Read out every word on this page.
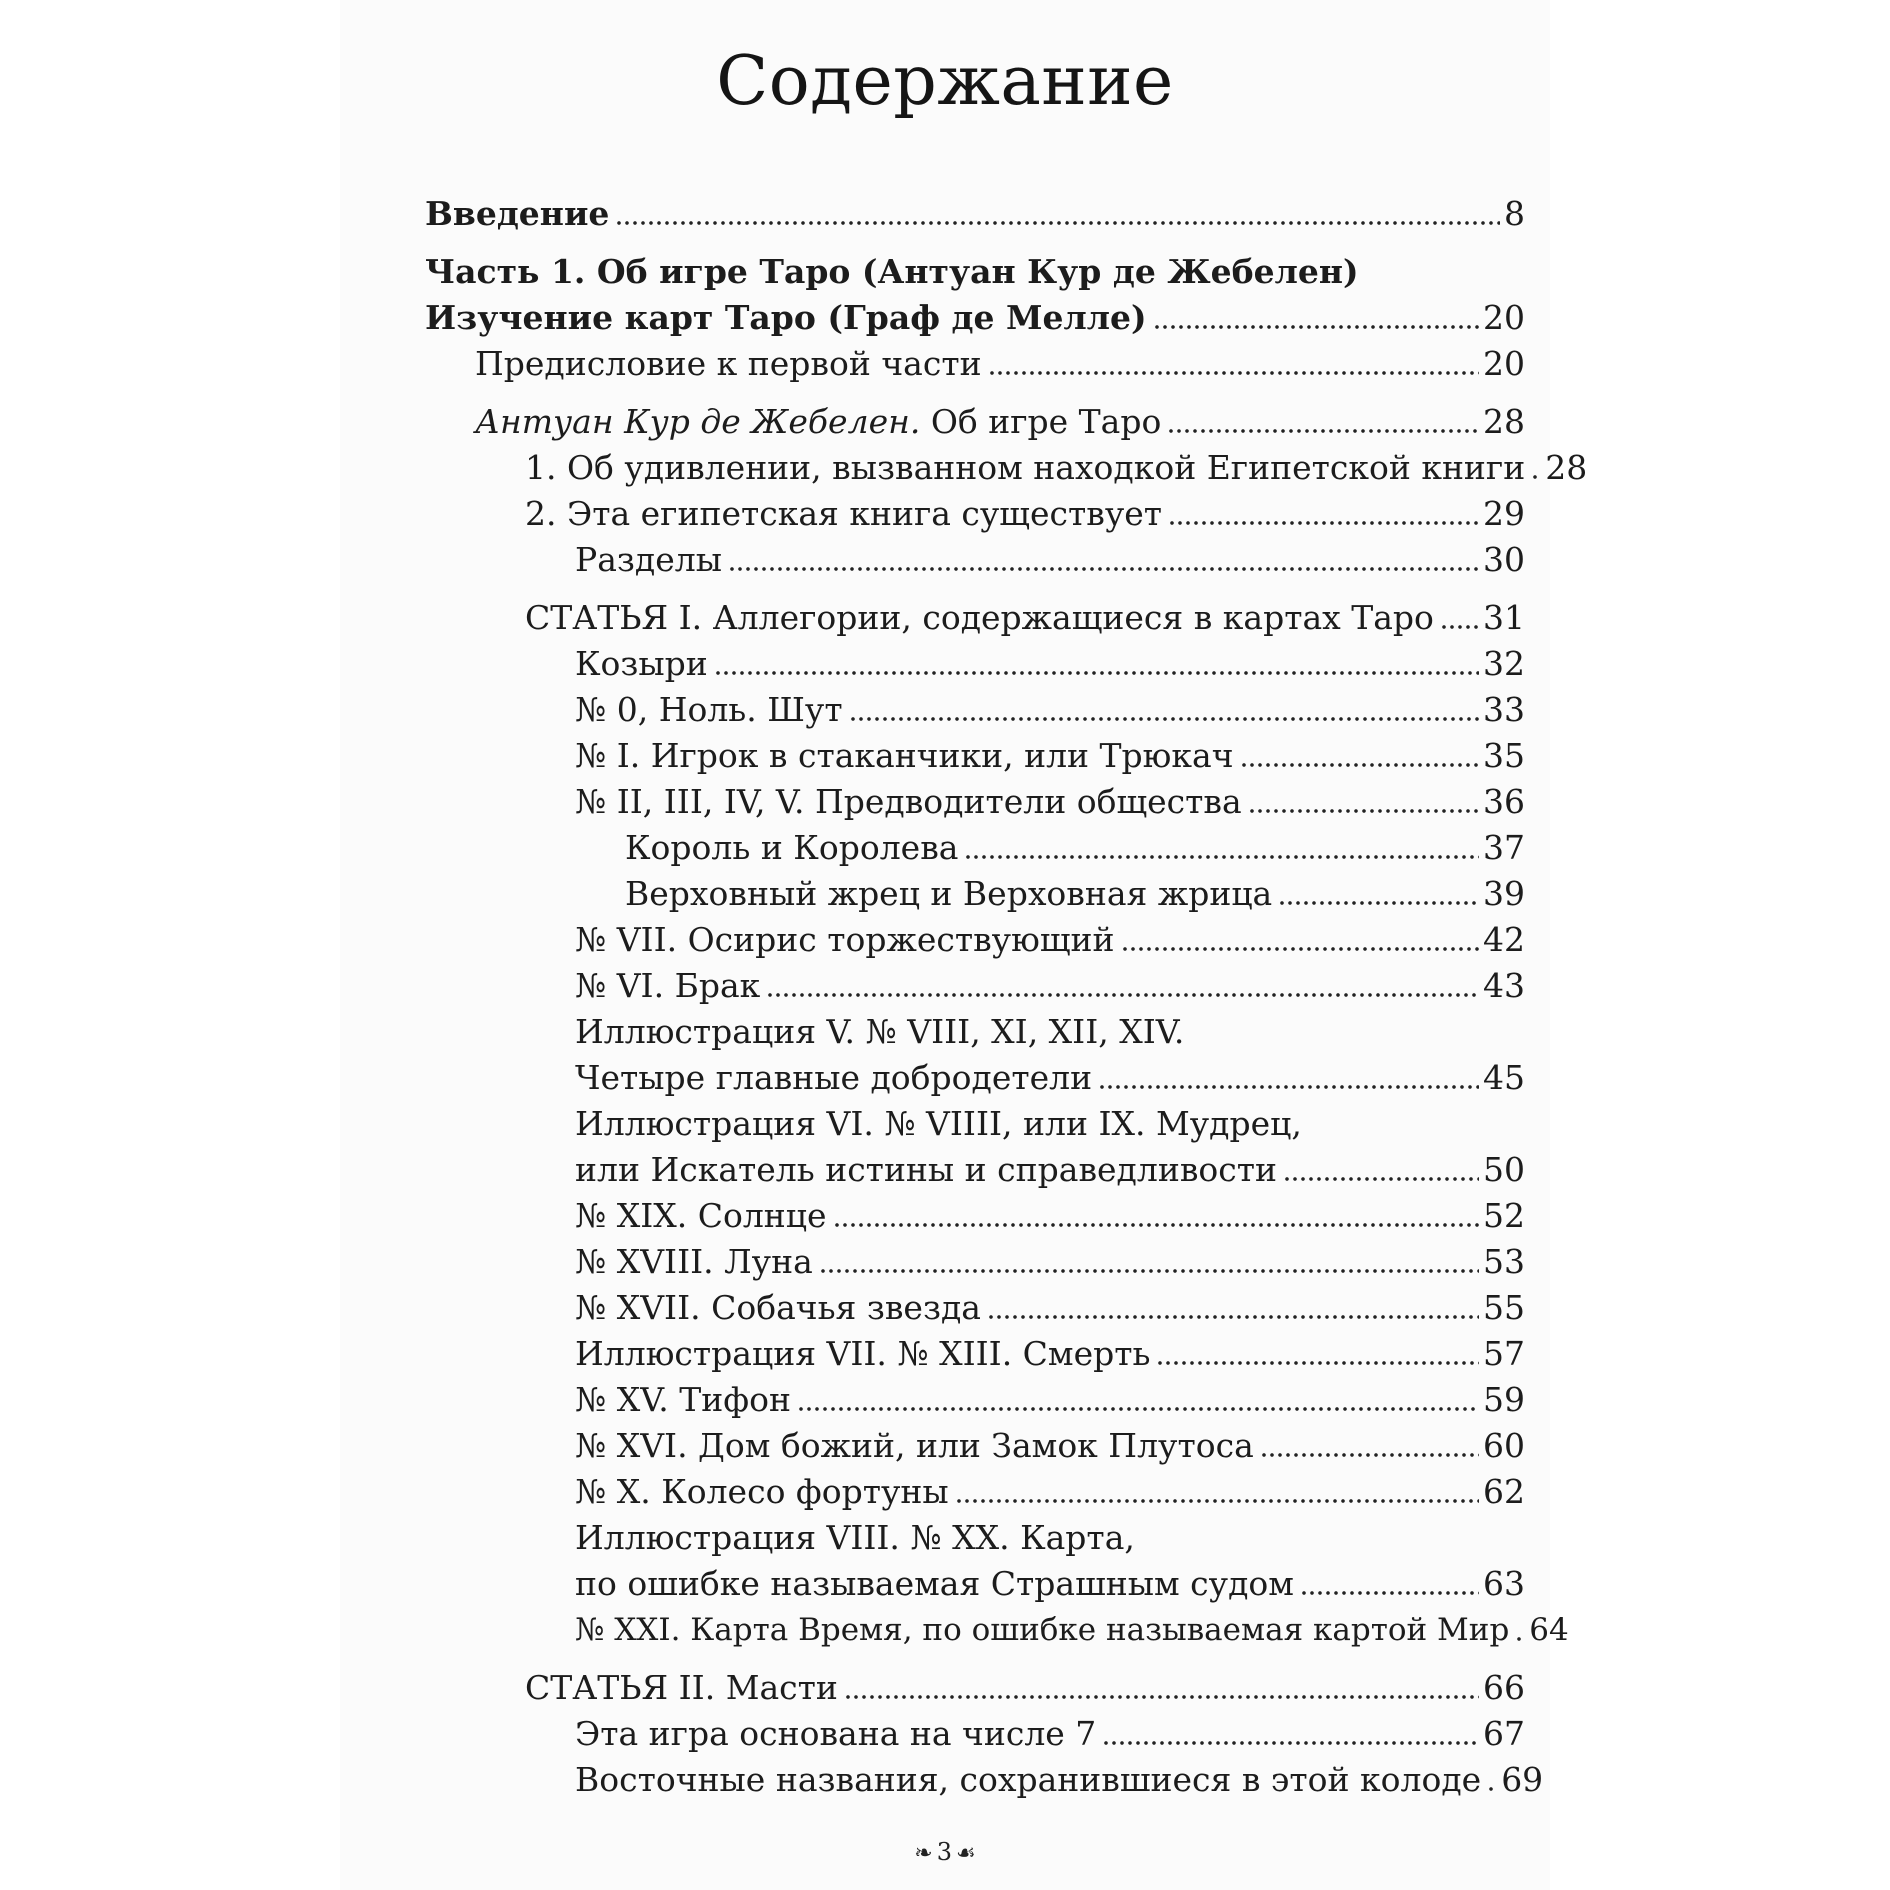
Содержание
Введение	8
Часть 1. Об игре Таро (Антуан Кур де Жебелен)
Изучение карт Таро (Граф де Мелле)	20
Предисловие к первой части	20
Антуан Кур де Жебелен. Об игре Таро	28
1. Об удивлении, вызванном находкой Египетской книги 28
2. Эта египетская книга существует	29
Разделы	30
СТАТЬЯ I. Аллегории, содержащиеся в картах Таро 31
Козыри	32
№ 0, Ноль. Шут	33
№ I. Игрок в стаканчики, или Трюкач	35
№ II, III, IV, V. Предводители общества	36
Король и Королева	37
Верховный жрец и Верховная жрица	39
№ VII. Осирис торжествующий	42
№ VI. Брак	43
Иллюстрация V. № VIII, XI, XII, XIV.
Четыре главные добродетели	45
Иллюстрация VI. № VIIII, или IX. Мудрец,
или Искатель истины и справедливости	50
№ XIX. Солнце	52
№ XVIII. Луна	53
№ XVII. Собачья звезда	55
Иллюстрация VII. № XIII. Смерть	57
№ XV. Тифон	59
№ XVI. Дом божий, или Замок Плутоса	60
№ X. Колесо фортуны	62
Иллюстрация VIII. № XX. Карта,
по ошибке называемая Страшным судом	63
№ XXI. Карта Время, по ошибке называемая картой Мир 64
СТАТЬЯ II. Масти	66
Эта игра основана на числе 7	67
Восточные названия, сохранившиеся в этой колоде 69
❧ 3 ☙
